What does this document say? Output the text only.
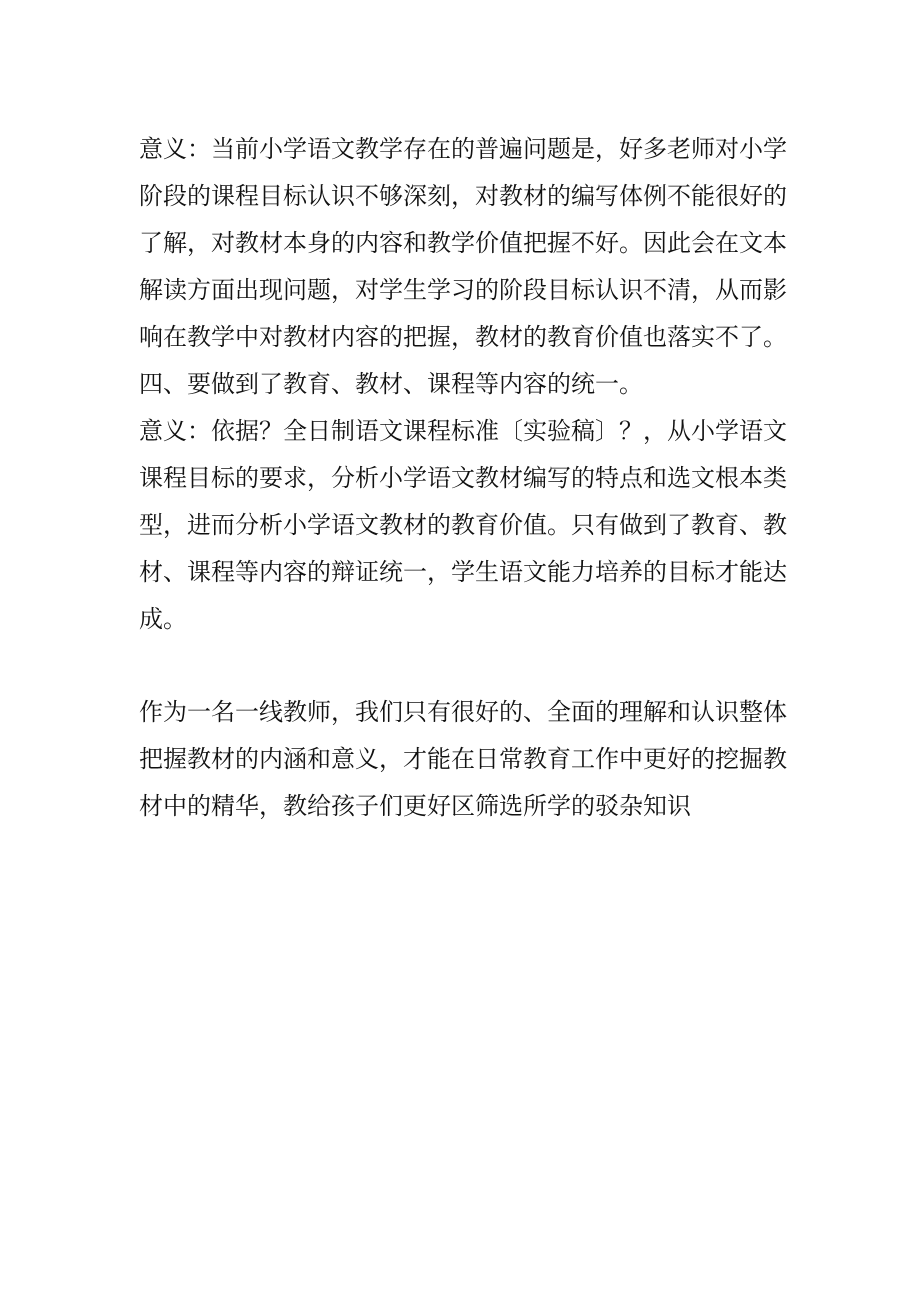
意义：当前小学语文教学存在的普遍问题是，好多老师对小学
阶段的课程目标认识不够深刻，对教材的编写体例不能很好的
了解，对教材本身的内容和教学价值把握不好。因此会在文本
解读方面出现问题，对学生学习的阶段目标认识不清，从而影
响在教学中对教材内容的把握，教材的教育价值也落实不了。
四、要做到了教育、教材、课程等内容的统一。
意义：依据？全日制语文课程标准〔实验稿〕？，从小学语文
课程目标的要求，分析小学语文教材编写的特点和选文根本类
型，进而分析小学语文教材的教育价值。只有做到了教育、教
材、课程等内容的辩证统一，学生语文能力培养的目标才能达
成。
作为一名一线教师，我们只有很好的、全面的理解和认识整体
把握教材的内涵和意义，才能在日常教育工作中更好的挖掘教
材中的精华，教给孩子们更好区筛选所学的驳杂知识
